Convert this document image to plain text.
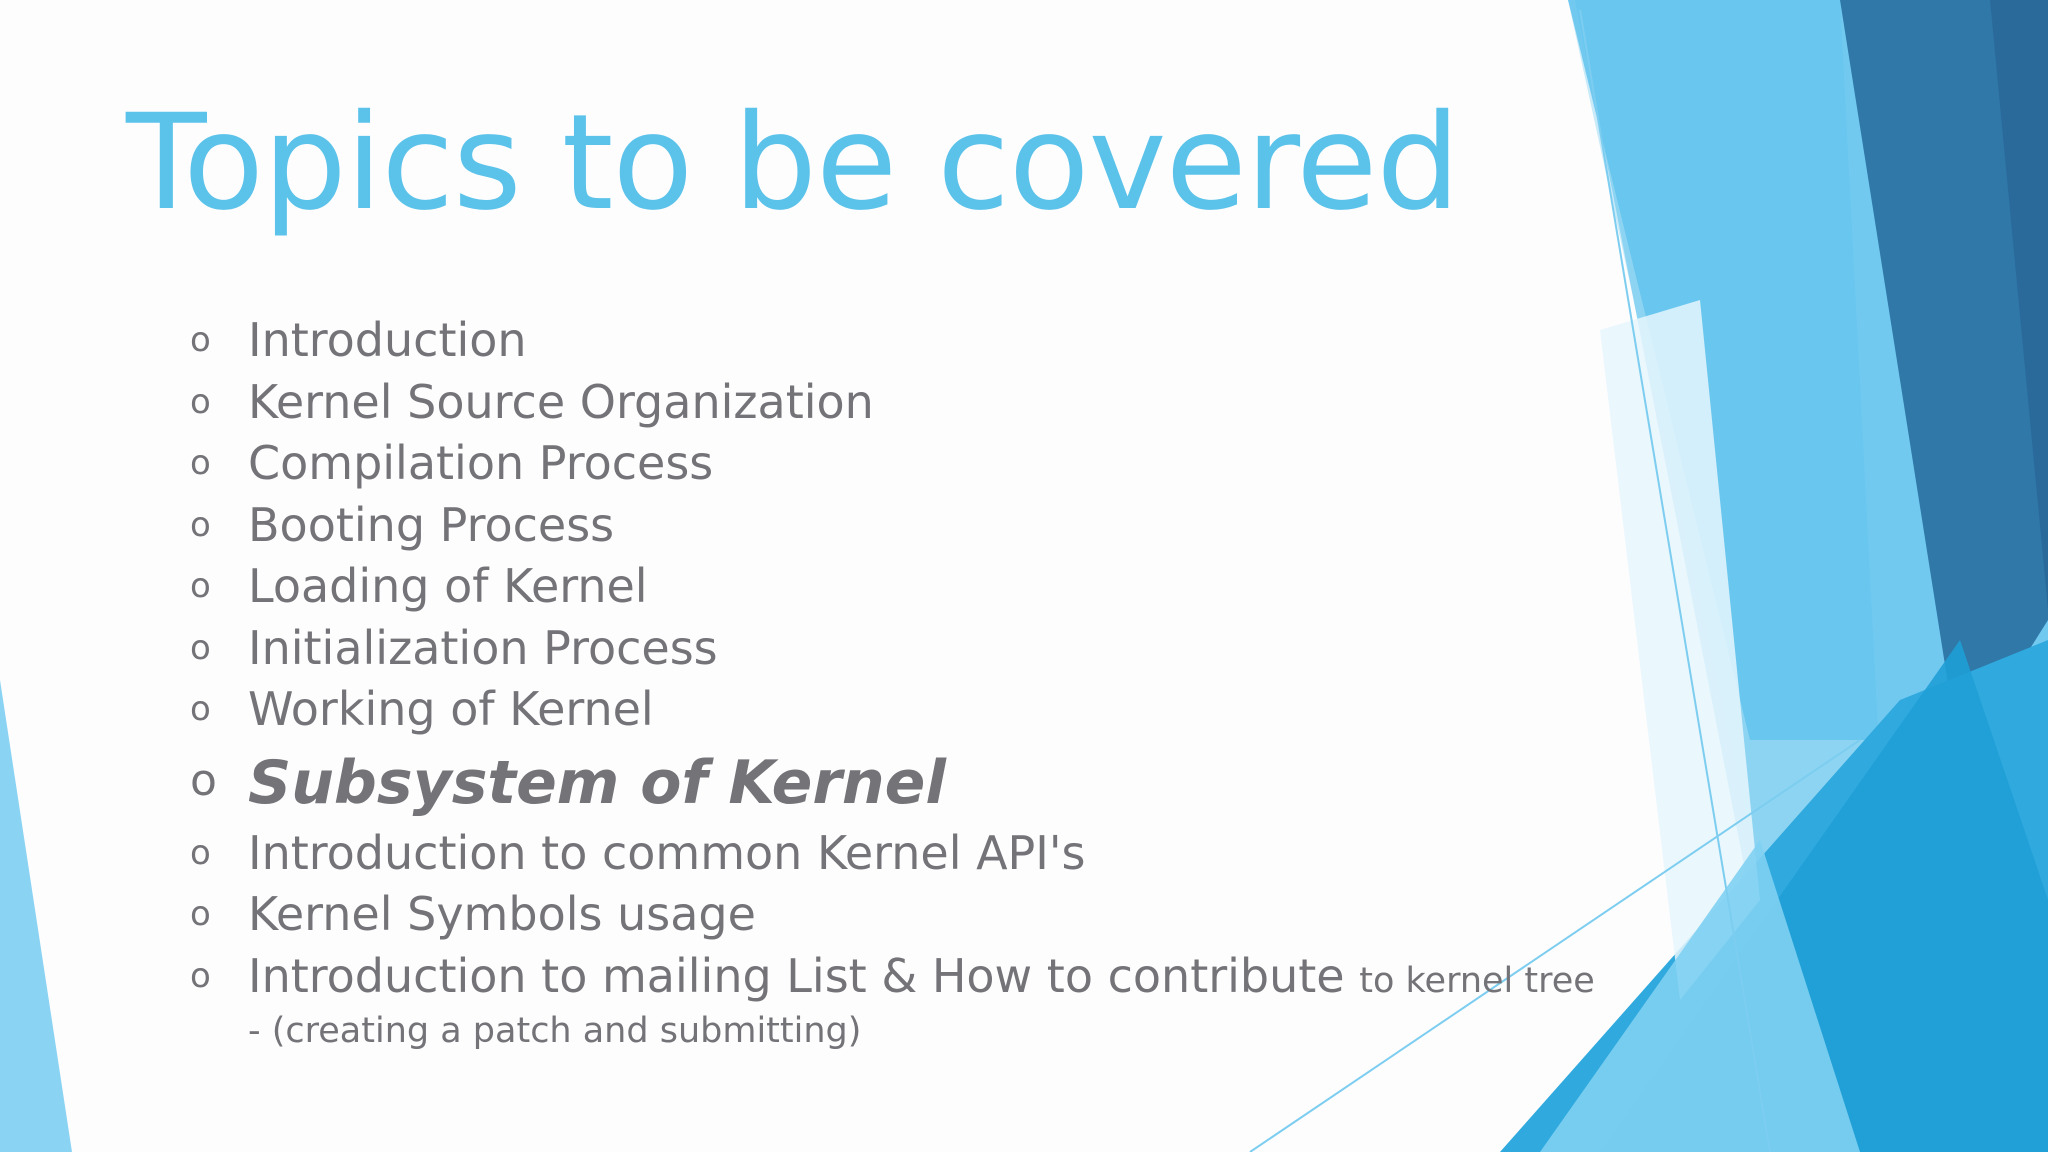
Topics to be covered
o Introduction
o Kernel Source Organization
o Compilation Process
o Booting Process
o Loading of Kernel
o Initialization Process
o Working of Kernel
o Subsystem of Kernel
o Introduction to common Kernel API's
o Kernel Symbols usage
o Introduction to mailing List & How to contribute to kernel tree
- (creating a patch and submitting)
